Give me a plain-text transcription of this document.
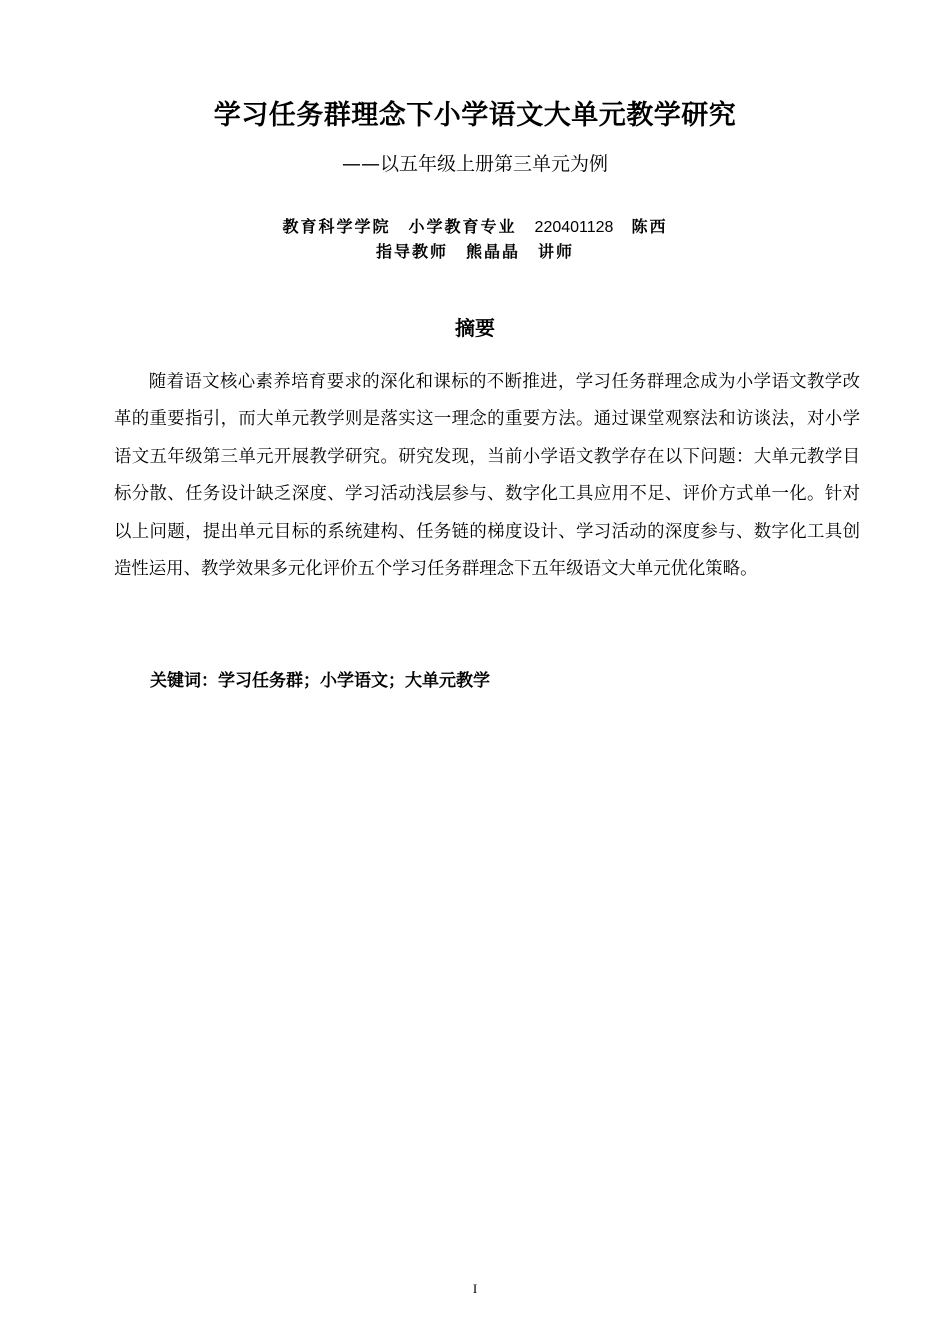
学习任务群理念下小学语文大单元教学研究
——以五年级上册第三单元为例
教育科学学院 小学教育专业 220401128 陈西
指导教师 熊晶晶 讲师
摘要
随着语文核心素养培育要求的深化和课标的不断推进，学习任务群理念成为小学语文教学改革的重要指引，而大单元教学则是落实这一理念的重要方法。通过课堂观察法和访谈法，对小学语文五年级第三单元开展教学研究。研究发现，当前小学语文教学存在以下问题：大单元教学目标分散、任务设计缺乏深度、学习活动浅层参与、数字化工具应用不足、评价方式单一化。针对以上问题，提出单元目标的系统建构、任务链的梯度设计、学习活动的深度参与、数字化工具创造性运用、教学效果多元化评价五个学习任务群理念下五年级语文大单元优化策略。
关键词：学习任务群；小学语文；大单元教学
I
